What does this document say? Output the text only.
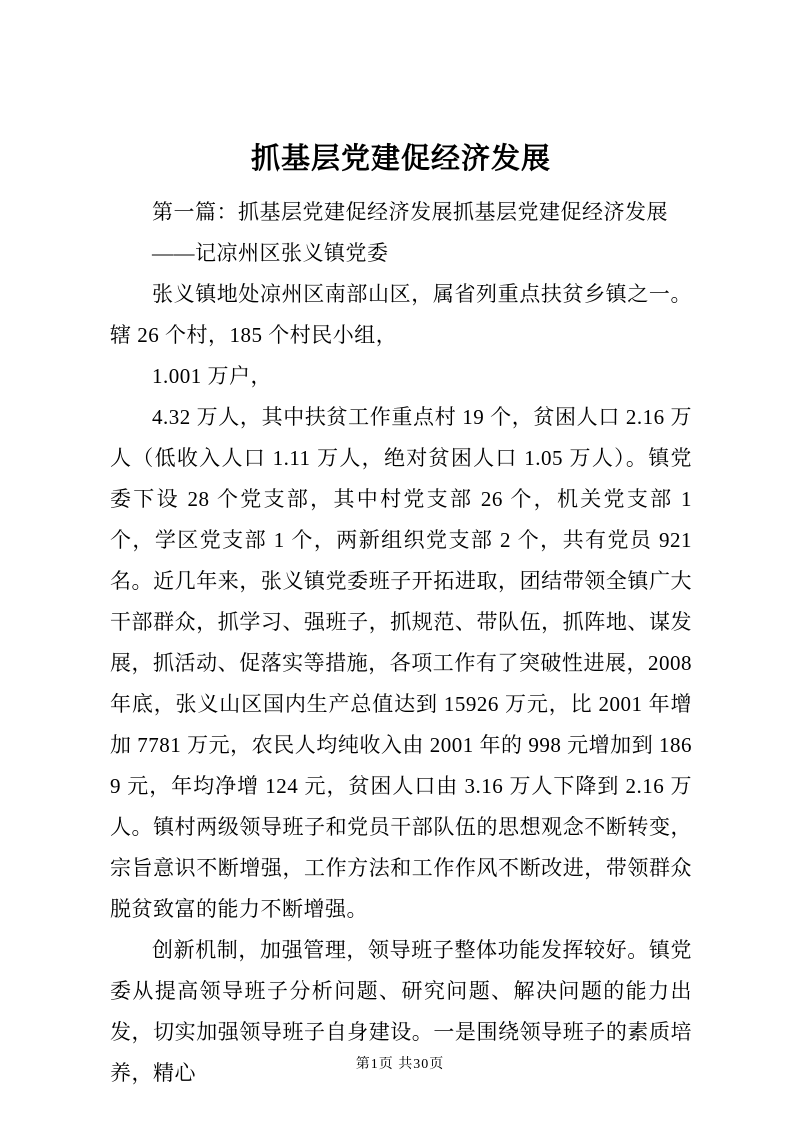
抓基层党建促经济发展

第一篇：抓基层党建促经济发展抓基层党建促经济发展

——记凉州区张义镇党委

张义镇地处凉州区南部山区，属省列重点扶贫乡镇之一。辖 26 个村，185 个村民小组，

1.001 万户，

4.32 万人，其中扶贫工作重点村 19 个，贫困人口 2.16 万人（低收入人口 1.11 万人，绝对贫困人口 1.05 万人）。镇党委下设 28 个党支部，其中村党支部 26 个，机关党支部 1 个，学区党支部 1 个，两新组织党支部 2 个，共有党员 921 名。近几年来，张义镇党委班子开拓进取，团结带领全镇广大干部群众，抓学习、强班子，抓规范、带队伍，抓阵地、谋发展，抓活动、促落实等措施，各项工作有了突破性进展，2008 年底，张义山区国内生产总值达到 15926 万元，比 2001 年增加 7781 万元，农民人均纯收入由 2001 年的 998 元增加到 1869 元，年均净增 124 元，贫困人口由 3.16 万人下降到 2.16 万人。镇村两级领导班子和党员干部队伍的思想观念不断转变，宗旨意识不断增强，工作方法和工作作风不断改进，带领群众脱贫致富的能力不断增强。

创新机制，加强管理，领导班子整体功能发挥较好。镇党委从提高领导班子分析问题、研究问题、解决问题的能力出发，切实加强领导班子自身建设。一是围绕领导班子的素质培养，精心	第1页 共30页
